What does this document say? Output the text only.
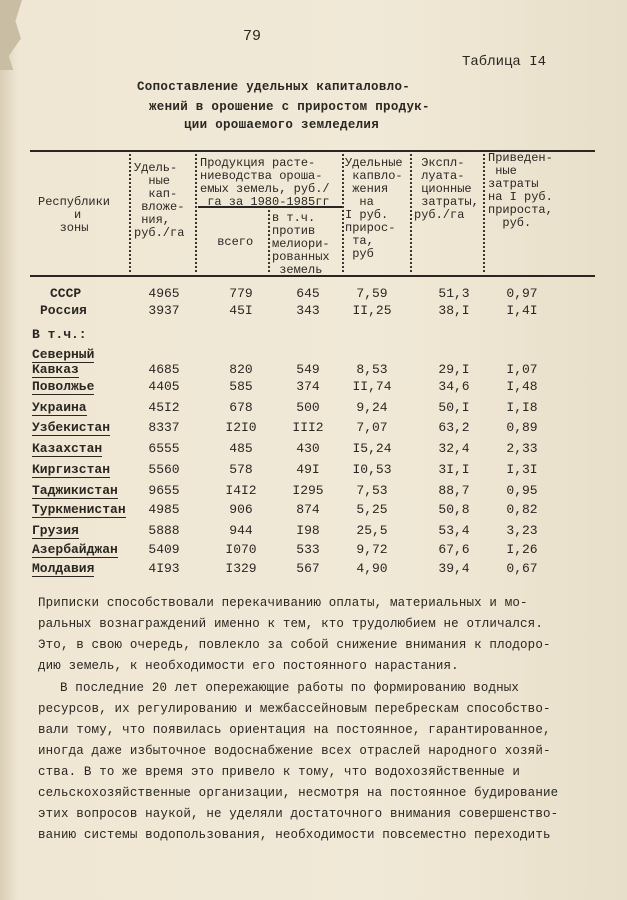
79
Таблица I4
Сопоставление удельных капиталовло-
жений в орошение с приростом продук-
ции орошаемого земледелия
Республики
и
зоны
Удель-
ные
кап-
вложе-
ния,
руб./га
Продукция расте-
ниеводства ороша-
емых земель, руб./
га за 1980-1985гг
всего
в т.ч.
против
мелиори-
рованных
земель
Удельные
капвло-
жения
на
I руб.
прирос-
та,
руб
Экспл-
луата-
ционные
затраты,
руб./га
Приведен-
ные
затраты
на I руб.
прироста,
руб.
СССР	4965	779	645	7,59	51,3	0,97
Россия	3937	45I	343	II,25	38,I	I,4I
В т.ч.:
Северный
Кавказ	4685	820	549	8,53	29,I	I,07
Поволжье	4405	585	374	II,74	34,6	I,48
Украина	45I2	678	500	9,24	50,I	I,I8
Узбекистан	8337	I2I0	III2	7,07	63,2	0,89
Казахстан	6555	485	430	I5,24	32,4	2,33
Киргизстан	5560	578	49I	I0,53	3I,I	I,3I
Таджикистан	9655	I4I2	I295	7,53	88,7	0,95
Туркменистан	4985	906	874	5,25	50,8	0,82
Грузия	5888	944	I98	25,5	53,4	3,23
Азербайджан	5409	I070	533	9,72	67,6	I,26
Молдавия	4I93	I329	567	4,90	39,4	0,67
Приписки способствовали перекачиванию оплаты, материальных и мо-
ральных вознаграждений именно к тем, кто трудолюбием не отличался.
Это, в свою очередь, повлекло за собой снижение внимания к плодоро-
дию земель, к необходимости его постоянного нарастания.
В последние 20 лет опережающие работы по формированию водных
ресурсов, их регулированию и межбассейновым перебрескам способство-
вали тому, что появилась ориентация на постоянное, гарантированное,
иногда даже избыточное водоснабжение всех отраслей народного хозяй-
ства. В то же время это привело к тому, что водохозяйственные и
сельскохозяйственные организации, несмотря на постоянное будирование
этих вопросов наукой, не уделяли достаточного внимания совершенство-
ванию системы водопользования, необходимости повсеместно переходить
